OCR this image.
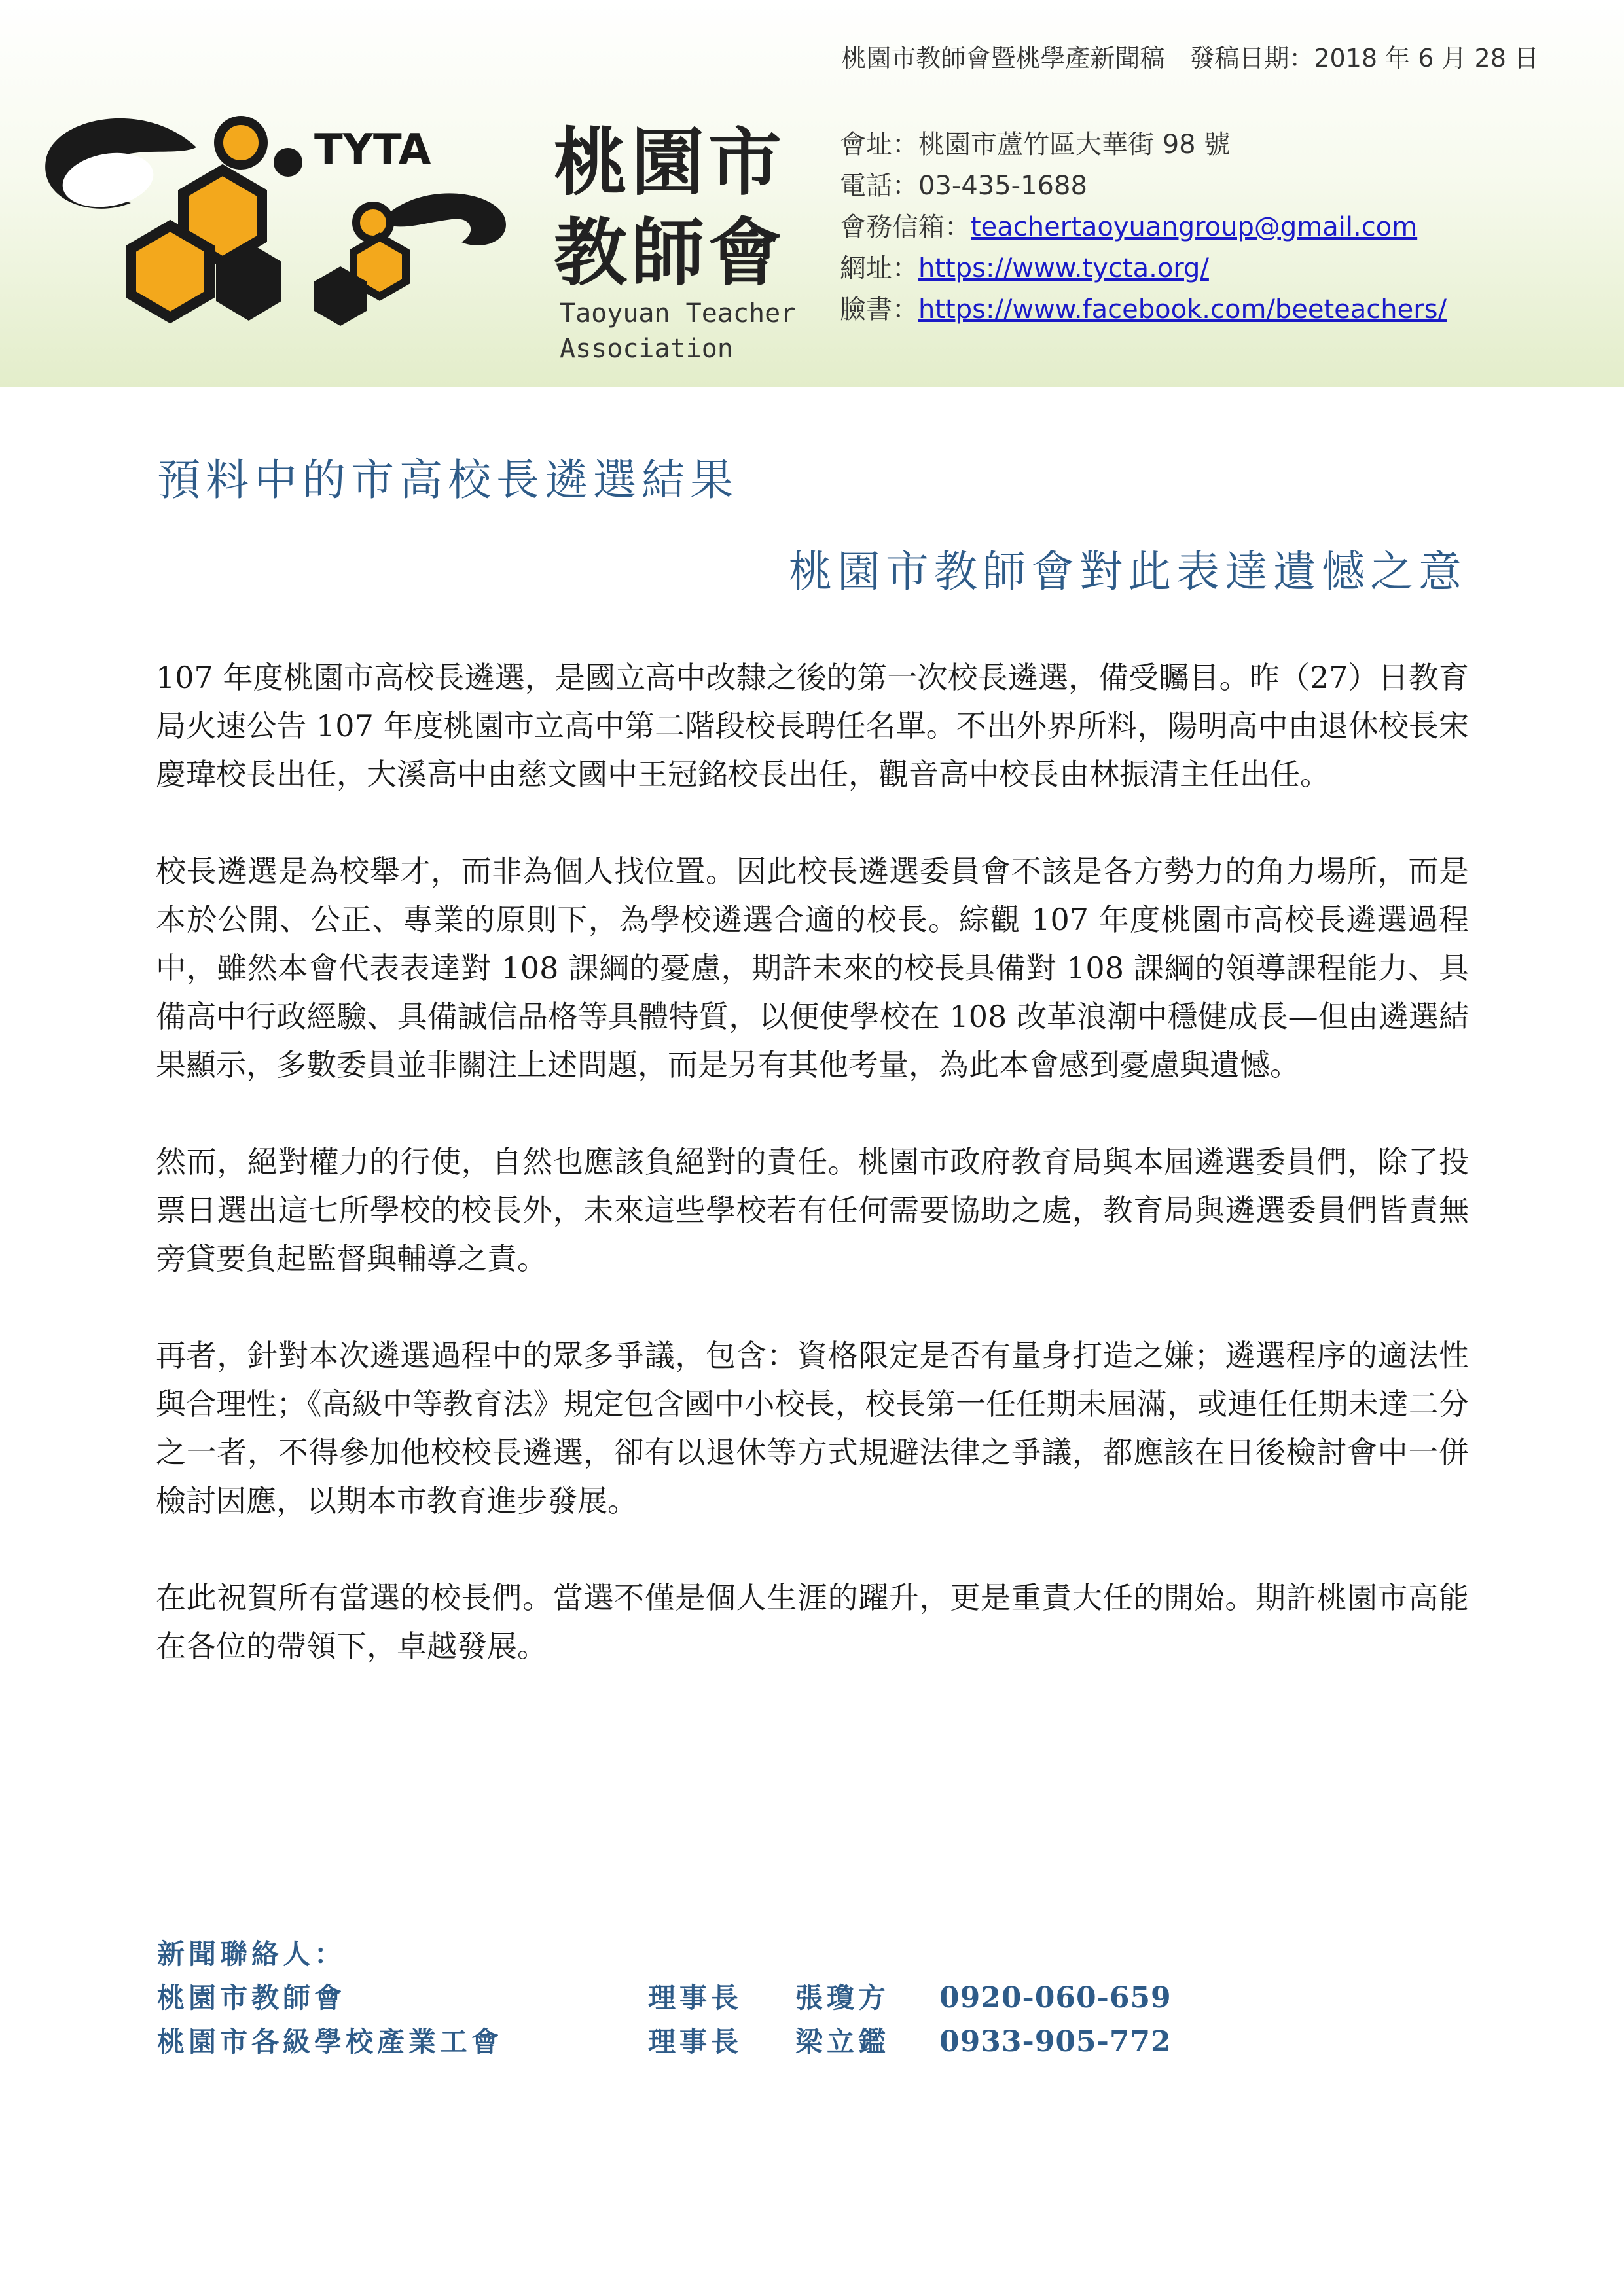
桃園市教師會暨桃學產新聞稿　發稿日期：2018 年 6 月 28 日
TYTA 桃園市
教師會
Taoyuan Teacher
Association
會址：桃園市蘆竹區大華街 98 號
電話：03-435-1688
會務信箱：teachertaoyuangroup@gmail.com
網址：https://www.tycta.org/
臉書：https://www.facebook.com/beeteachers/
預料中的市高校長遴選結果
桃園市教師會對此表達遺憾之意

107 年度桃園市高校長遴選，是國立高中改隸之後的第一次校長遴選，備受矚目。昨（27）日教育局火速公告 107 年度桃園市立高中第二階段校長聘任名單。不出外界所料，陽明高中由退休校長宋慶瑋校長出任，大溪高中由慈文國中王冠銘校長出任，觀音高中校長由林振清主任出任。

校長遴選是為校舉才，而非為個人找位置。因此校長遴選委員會不該是各方勢力的角力場所，而是本於公開、公正、專業的原則下，為學校遴選合適的校長。綜觀 107 年度桃園市高校長遴選過程中，雖然本會代表表達對 108 課綱的憂慮，期許未來的校長具備對 108 課綱的領導課程能力、具備高中行政經驗、具備誠信品格等具體特質，以便使學校在 108 改革浪潮中穩健成長—但由遴選結果顯示，多數委員並非關注上述問題，而是另有其他考量，為此本會感到憂慮與遺憾。

然而，絕對權力的行使，自然也應該負絕對的責任。桃園市政府教育局與本屆遴選委員們，除了投票日選出這七所學校的校長外，未來這些學校若有任何需要協助之處，教育局與遴選委員們皆責無旁貸要負起監督與輔導之責。

再者，針對本次遴選過程中的眾多爭議，包含：資格限定是否有量身打造之嫌；遴選程序的適法性與合理性；《高級中等教育法》規定包含國中小校長，校長第一任任期未屆滿，或連任任期未達二分之一者，不得參加他校校長遴選，卻有以退休等方式規避法律之爭議，都應該在日後檢討會中一併檢討因應，以期本市教育進步發展。

在此祝賀所有當選的校長們。當選不僅是個人生涯的躍升，更是重責大任的開始。期許桃園市高能在各位的帶領下，卓越發展。

新聞聯絡人：
桃園市教師會	理事長 張瓊方 0920-060-659
桃園市各級學校產業工會	理事長 梁立鑑 0933-905-772
